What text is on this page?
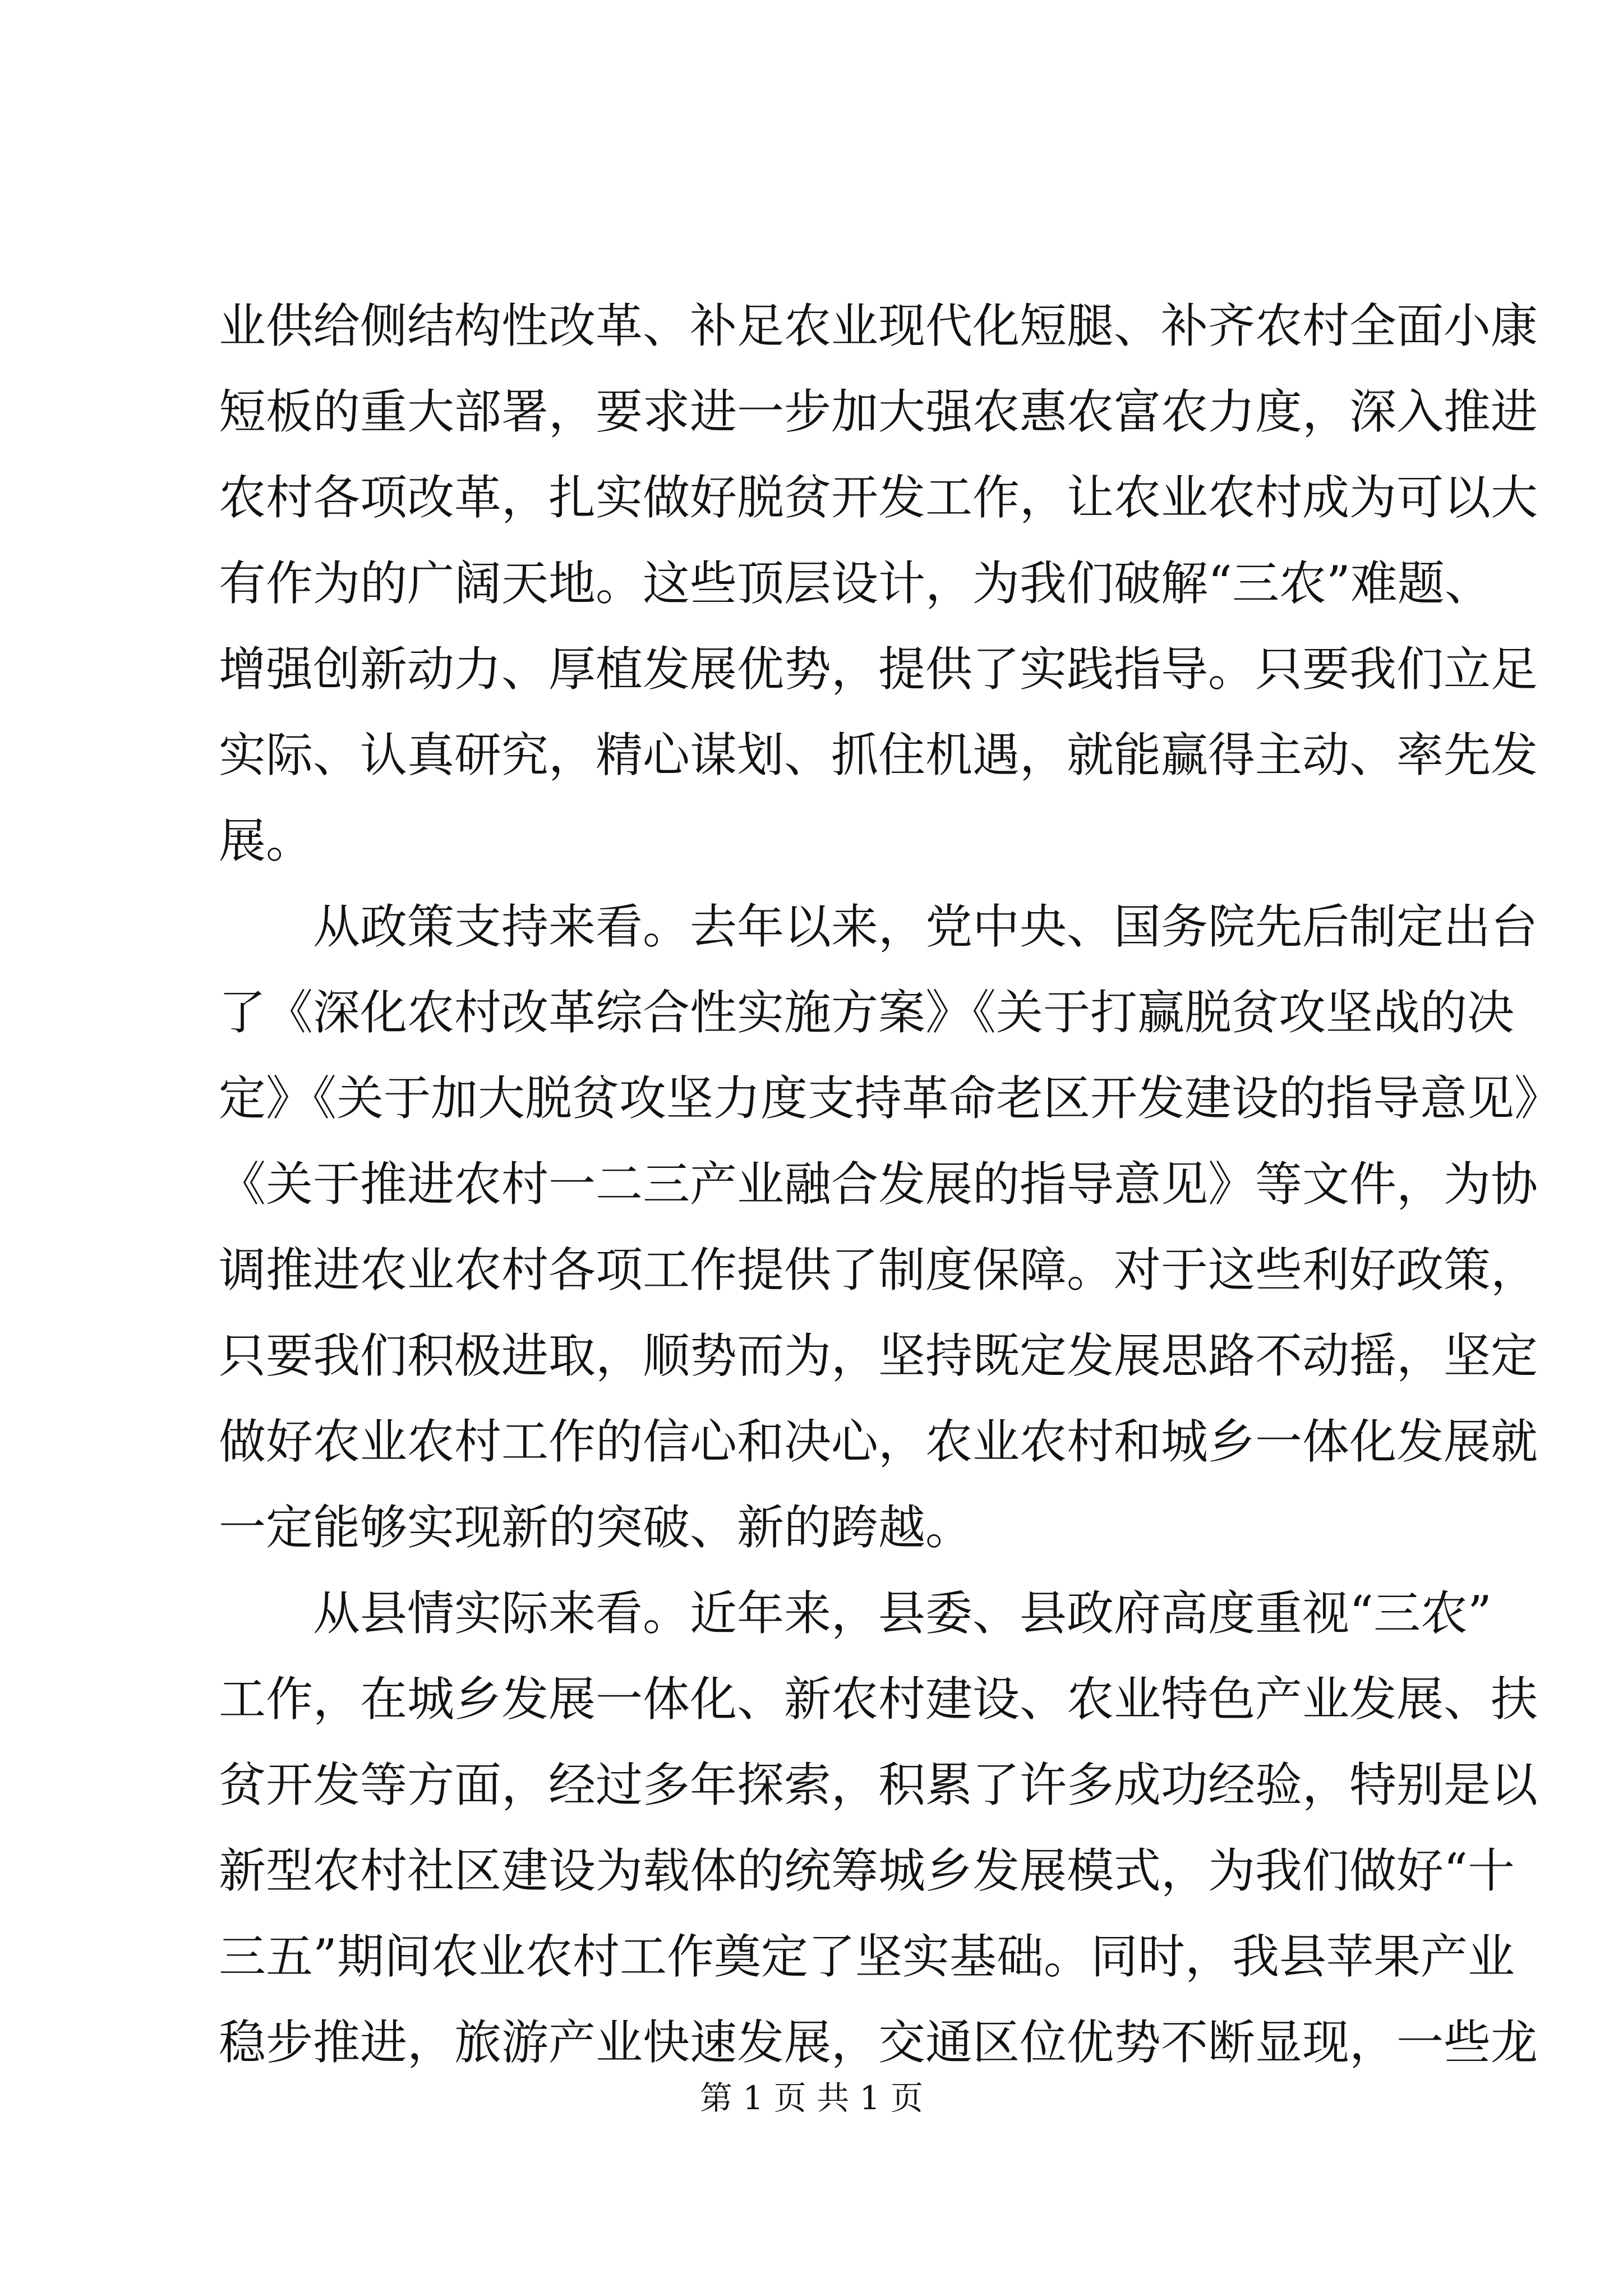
业供给侧结构性改革、补足农业现代化短腿、补齐农村全面小康
短板的重大部署，要求进一步加大强农惠农富农力度，深入推进
农村各项改革，扎实做好脱贫开发工作，让农业农村成为可以大
有作为的广阔天地。这些顶层设计，为我们破解“三农”难题、
增强创新动力、厚植发展优势，提供了实践指导。只要我们立足
实际、认真研究，精心谋划、抓住机遇，就能赢得主动、率先发
展。
从政策支持来看。去年以来，党中央、国务院先后制定出台
了《深化农村改革综合性实施方案》《关于打赢脱贫攻坚战的决
定》《关于加大脱贫攻坚力度支持革命老区开发建设的指导意见》
《关于推进农村一二三产业融合发展的指导意见》等文件，为协
调推进农业农村各项工作提供了制度保障。对于这些利好政策，
只要我们积极进取，顺势而为，坚持既定发展思路不动摇，坚定
做好农业农村工作的信心和决心，农业农村和城乡一体化发展就
一定能够实现新的突破、新的跨越。
从县情实际来看。近年来，县委、县政府高度重视“三农”
工作，在城乡发展一体化、新农村建设、农业特色产业发展、扶
贫开发等方面，经过多年探索，积累了许多成功经验，特别是以
新型农村社区建设为载体的统筹城乡发展模式，为我们做好“十
三五”期间农业农村工作奠定了坚实基础。同时，我县苹果产业
稳步推进，旅游产业快速发展，交通区位优势不断显现，一些龙
第 1 页 共 1 页
